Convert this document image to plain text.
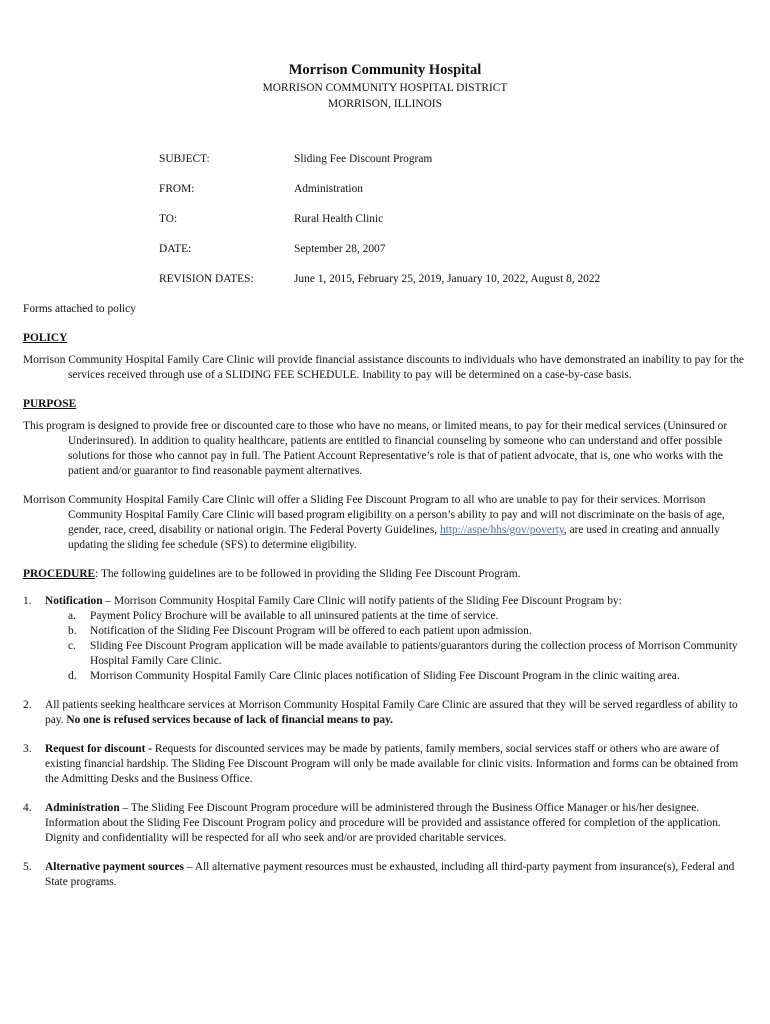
Morrison Community Hospital
MORRISON COMMUNITY HOSPITAL DISTRICT
MORRISON, ILLINOIS
SUBJECT:	Sliding Fee Discount Program
FROM:	Administration
TO:	Rural Health Clinic
DATE:	September 28, 2007
REVISION DATES:	June 1, 2015, February 25, 2019, January 10, 2022, August 8, 2022
Forms attached to policy
POLICY

Morrison Community Hospital Family Care Clinic will provide financial assistance discounts to individuals who have demonstrated an inability to pay for the services received through use of a SLIDING FEE SCHEDULE. Inability to pay will be determined on a case-by-case basis.

PURPOSE

This program is designed to provide free or discounted care to those who have no means, or limited means, to pay for their medical services (Uninsured or Underinsured). In addition to quality healthcare, patients are entitled to financial counseling by someone who can understand and offer possible solutions for those who cannot pay in full. The Patient Account Representative’s role is that of patient advocate, that is, one who works with the patient and/or guarantor to find reasonable payment alternatives.

Morrison Community Hospital Family Care Clinic will offer a Sliding Fee Discount Program to all who are unable to pay for their services. Morrison Community Hospital Family Care Clinic will based program eligibility on a person’s ability to pay and will not discriminate on the basis of age, gender, race, creed, disability or national origin. The Federal Poverty Guidelines, http://aspe/hhs/gov/poverty, are used in creating and annually updating the sliding fee schedule (SFS) to determine eligibility.

PROCEDURE: The following guidelines are to be followed in providing the Sliding Fee Discount Program.
1. Notification – Morrison Community Hospital Family Care Clinic will notify patients of the Sliding Fee Discount Program by:
a. Payment Policy Brochure will be available to all uninsured patients at the time of service.
b. Notification of the Sliding Fee Discount Program will be offered to each patient upon admission.
c. Sliding Fee Discount Program application will be made available to patients/guarantors during the collection process of Morrison Community Hospital Family Care Clinic.
d. Morrison Community Hospital Family Care Clinic places notification of Sliding Fee Discount Program in the clinic waiting area.
2. All patients seeking healthcare services at Morrison Community Hospital Family Care Clinic are assured that they will be served regardless of ability to pay. No one is refused services because of lack of financial means to pay.
3. Request for discount - Requests for discounted services may be made by patients, family members, social services staff or others who are aware of existing financial hardship. The Sliding Fee Discount Program will only be made available for clinic visits. Information and forms can be obtained from the Admitting Desks and the Business Office.
4. Administration – The Sliding Fee Discount Program procedure will be administered through the Business Office Manager or his/her designee. Information about the Sliding Fee Discount Program policy and procedure will be provided and assistance offered for completion of the application. Dignity and confidentiality will be respected for all who seek and/or are provided charitable services.
5. Alternative payment sources – All alternative payment resources must be exhausted, including all third-party payment from insurance(s), Federal and State programs.
